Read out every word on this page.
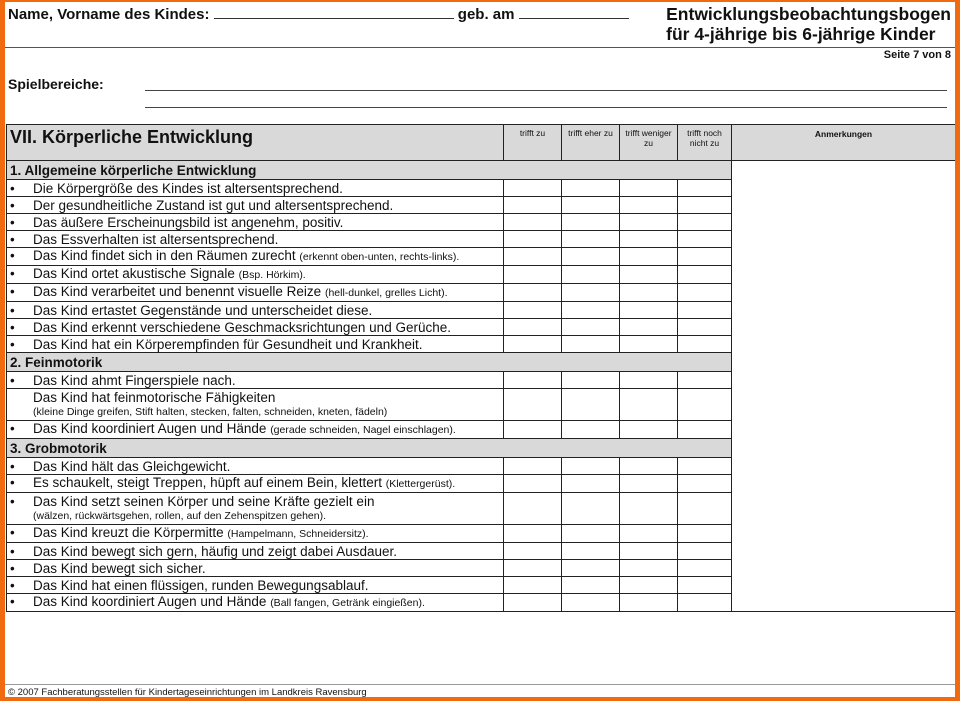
Name, Vorname des Kindes:	geb. am	Entwicklungsbeobachtungsbogen
für 4-jährige bis 6-jährige Kinder
Seite 7 von 8
Spielbereiche:
VII. Körperliche Entwicklung	trifft zu	trifft eher zu	trifft weniger zu	trifft noch nicht zu	Anmerkungen
1. Allgemeine körperliche Entwicklung					
• Die Körpergröße des Kindes ist altersentsprechend.					
• Der gesundheitliche Zustand ist gut und altersentsprechend.					
• Das äußere Erscheinungsbild ist angenehm, positiv.					
• Das Essverhalten ist altersentsprechend.					
• Das Kind findet sich in den Räumen zurecht (erkennt oben-unten, rechts-links).					
• Das Kind ortet akustische Signale (Bsp. Hörkim).					
• Das Kind verarbeitet und benennt visuelle Reize (hell-dunkel, grelles Licht).					
• Das Kind ertastet Gegenstände und unterscheidet diese.					
• Das Kind erkennt verschiedene Geschmacksrichtungen und Gerüche.					
• Das Kind hat ein Körperempfinden für Gesundheit und Krankheit.					
2. Feinmotorik					
• Das Kind ahmt Fingerspiele nach.					
Das Kind hat feinmotorische Fähigkeiten
(kleine Dinge greifen, Stift halten, stecken, falten, schneiden, kneten, fädeln)					

• Das Kind koordiniert Augen und Hände (gerade schneiden, Nagel einschlagen).					
3. Grobmotorik					
• Das Kind hält das Gleichgewicht.					
• Es schaukelt, steigt Treppen, hüpft auf einem Bein, klettert (Klettergerüst).					
• Das Kind setzt seinen Körper und seine Kräfte gezielt ein
(wälzen, rückwärtsgehen, rollen, auf den Zehenspitzen gehen).					

• Das Kind kreuzt die Körpermitte (Hampelmann, Schneidersitz).					
• Das Kind bewegt sich gern, häufig und zeigt dabei Ausdauer.					
• Das Kind bewegt sich sicher.					
• Das Kind hat einen flüssigen, runden Bewegungsablauf.					
• Das Kind koordiniert Augen und Hände (Ball fangen, Getränk eingießen).					
© 2007 Fachberatungsstellen für Kindertageseinrichtungen im Landkreis Ravensburg
